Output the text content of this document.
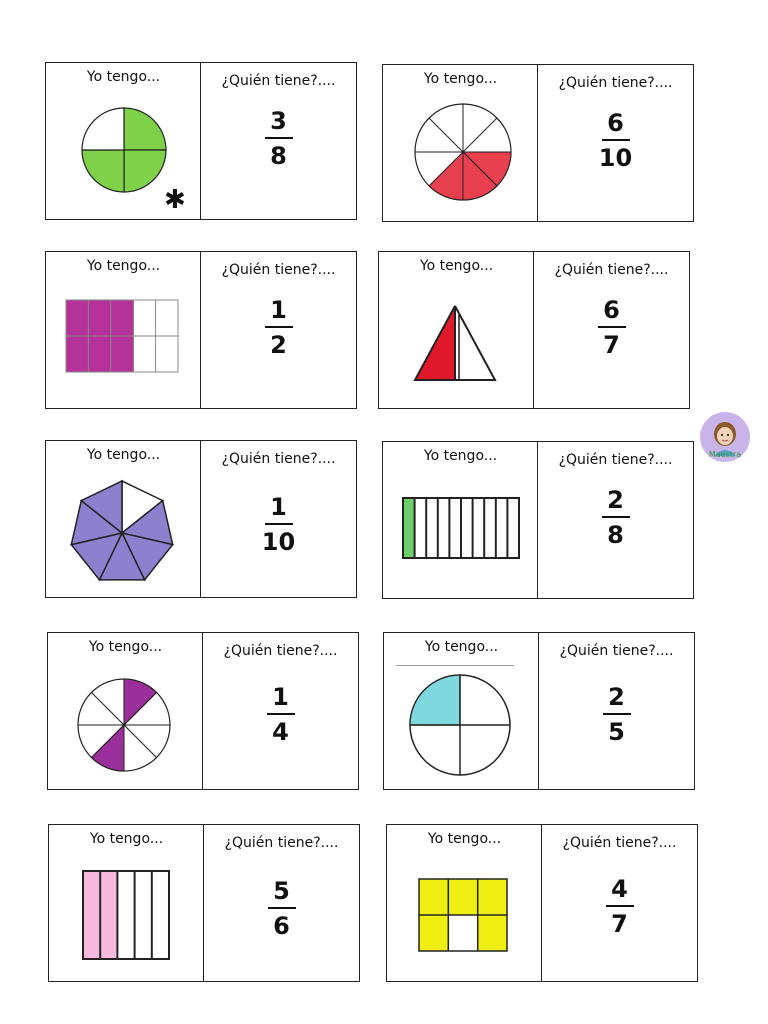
Yo tengo...
✱
¿Quién tiene?....
3
8
Yo tengo...	¿Quién tiene?....
6
10
Yo tengo...	¿Quién tiene?....
1
2
Yo tengo...	¿Quién tiene?....
6
7
Yo tengo...	¿Quién tiene?....
1
10
Yo tengo...	¿Quién tiene?....
2
8
Yo tengo...	¿Quién tiene?....
1
4
Yo tengo...	¿Quién tiene?....
2
5
Yo tengo...	¿Quién tiene?....
5
6
Yo tengo...	¿Quién tiene?....
4
7
Maestra
